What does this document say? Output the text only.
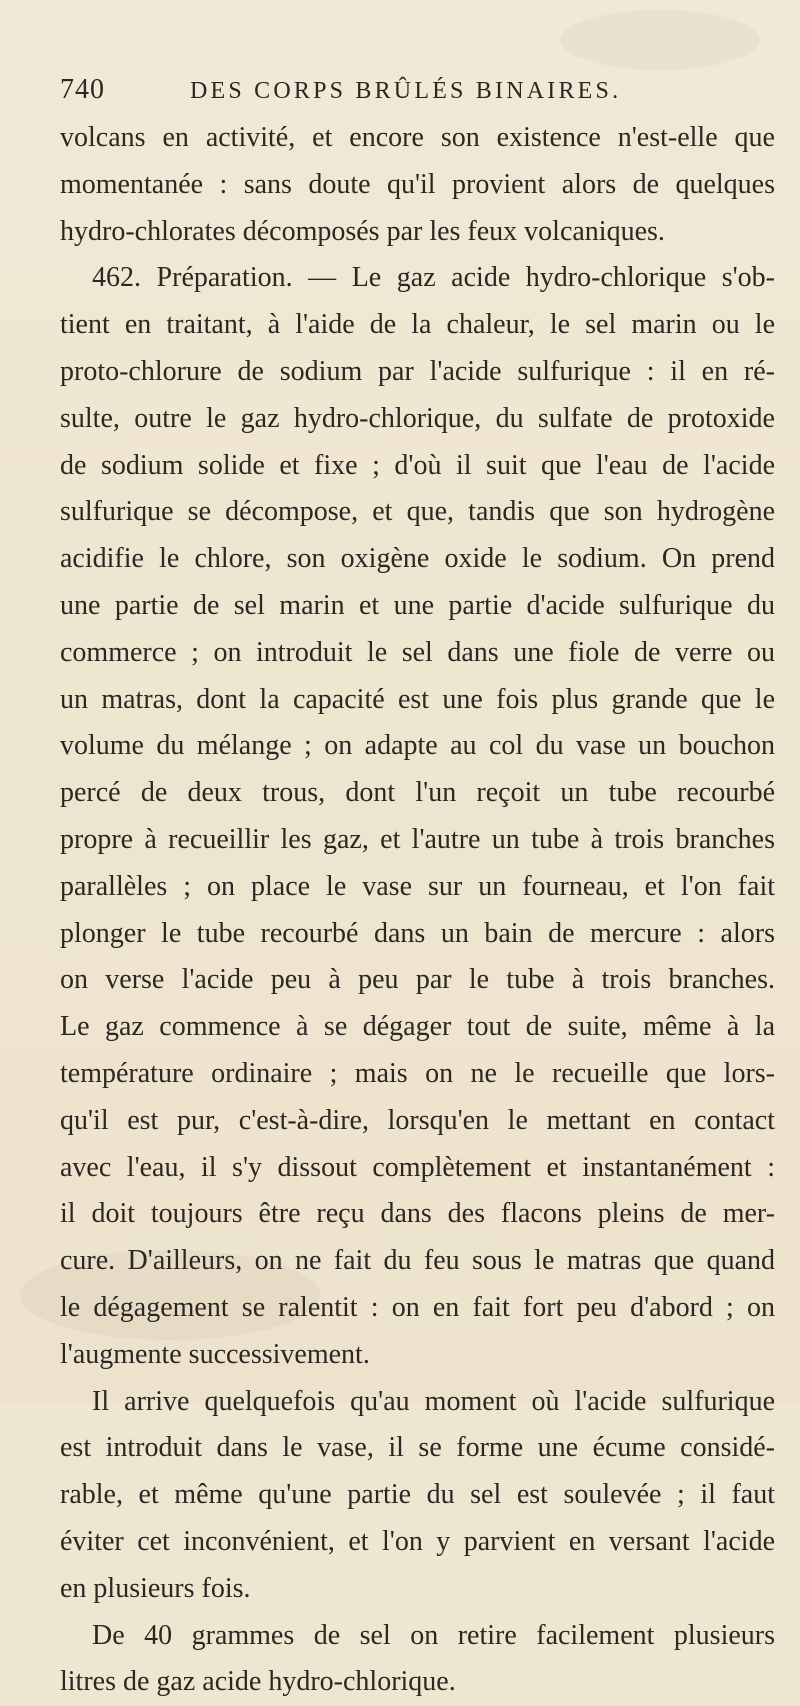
740	DES CORPS BRÛLÉS BINAIRES.
volcans en activité, et encore son existence n'est-elle que
momentanée : sans doute qu'il provient alors de quelques
hydro-chlorates décomposés par les feux volcaniques.
462. Préparation. — Le gaz acide hydro-chlorique s'ob-
tient en traitant, à l'aide de la chaleur, le sel marin ou le
proto-chlorure de sodium par l'acide sulfurique : il en ré-
sulte, outre le gaz hydro-chlorique, du sulfate de protoxide
de sodium solide et fixe ; d'où il suit que l'eau de l'acide
sulfurique se décompose, et que, tandis que son hydrogène
acidifie le chlore, son oxigène oxide le sodium. On prend
une partie de sel marin et une partie d'acide sulfurique du
commerce ; on introduit le sel dans une fiole de verre ou
un matras, dont la capacité est une fois plus grande que le
volume du mélange ; on adapte au col du vase un bouchon
percé de deux trous, dont l'un reçoit un tube recourbé
propre à recueillir les gaz, et l'autre un tube à trois branches
parallèles ; on place le vase sur un fourneau, et l'on fait
plonger le tube recourbé dans un bain de mercure : alors
on verse l'acide peu à peu par le tube à trois branches.
Le gaz commence à se dégager tout de suite, même à la
température ordinaire ; mais on ne le recueille que lors-
qu'il est pur, c'est-à-dire, lorsqu'en le mettant en contact
avec l'eau, il s'y dissout complètement et instantanément :
il doit toujours être reçu dans des flacons pleins de mer-
cure. D'ailleurs, on ne fait du feu sous le matras que quand
le dégagement se ralentit : on en fait fort peu d'abord ; on
l'augmente successivement.
Il arrive quelquefois qu'au moment où l'acide sulfurique
est introduit dans le vase, il se forme une écume considé-
rable, et même qu'une partie du sel est soulevée ; il faut
éviter cet inconvénient, et l'on y parvient en versant l'acide
en plusieurs fois.
De 40 grammes de sel on retire facilement plusieurs
litres de gaz acide hydro-chlorique.
